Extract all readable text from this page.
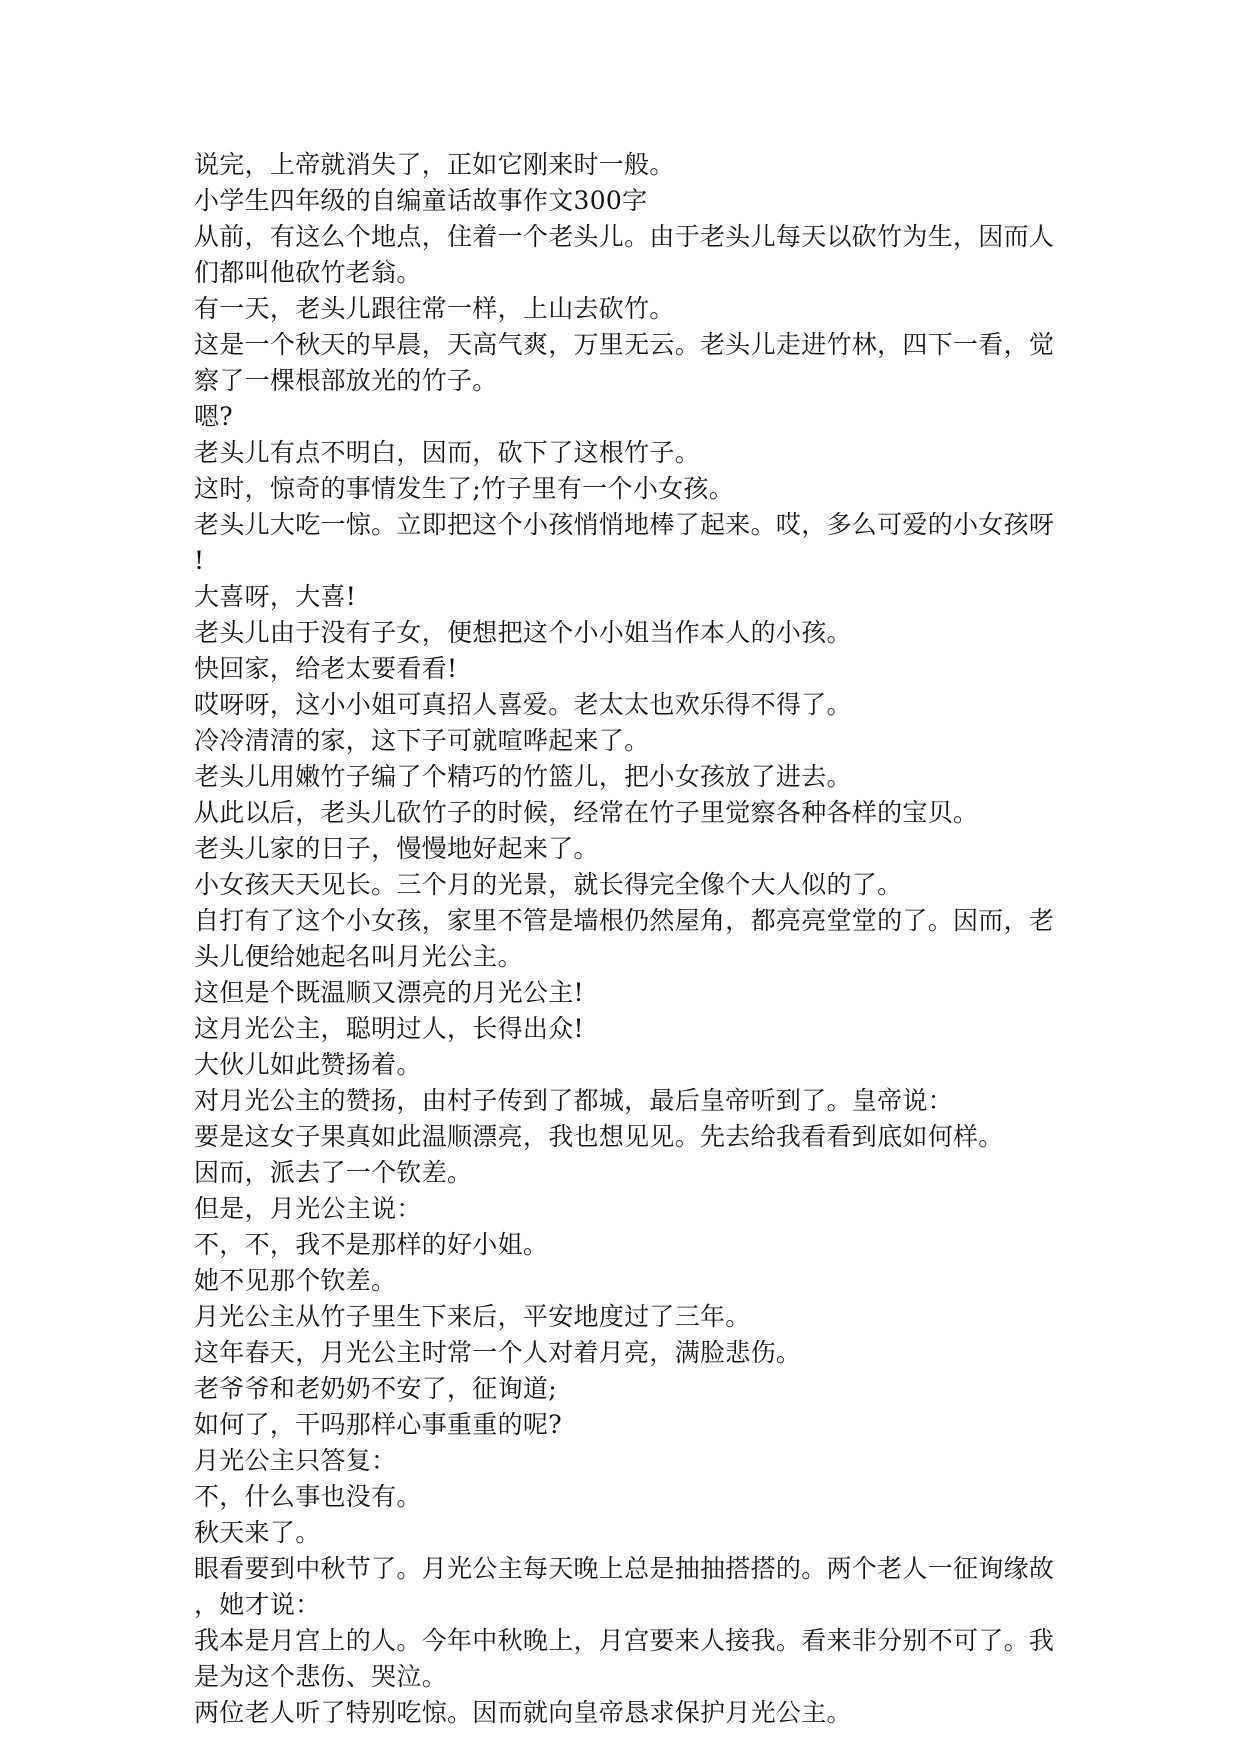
说完，上帝就消失了，正如它刚来时一般。
小学生四年级的自编童话故事作文300字
从前，有这么个地点，住着一个老头儿。由于老头儿每天以砍竹为生，因而人
们都叫他砍竹老翁。
有一天，老头儿跟往常一样，上山去砍竹。
这是一个秋天的早晨，天高气爽，万里无云。老头儿走进竹林，四下一看，觉
察了一棵根部放光的竹子。
嗯?
老头儿有点不明白，因而，砍下了这根竹子。
这时，惊奇的事情发生了;竹子里有一个小女孩。
老头儿大吃一惊。立即把这个小孩悄悄地棒了起来。哎，多么可爱的小女孩呀
!
大喜呀，大喜!
老头儿由于没有子女，便想把这个小小姐当作本人的小孩。
快回家，给老太要看看!
哎呀呀，这小小姐可真招人喜爱。老太太也欢乐得不得了。
冷冷清清的家，这下子可就喧哗起来了。
老头儿用嫩竹子编了个精巧的竹篮儿，把小女孩放了进去。
从此以后，老头儿砍竹子的时候，经常在竹子里觉察各种各样的宝贝。
老头儿家的日子，慢慢地好起来了。
小女孩天天见长。三个月的光景，就长得完全像个大人似的了。
自打有了这个小女孩，家里不管是墙根仍然屋角，都亮亮堂堂的了。因而，老
头儿便给她起名叫月光公主。
这但是个既温顺又漂亮的月光公主!
这月光公主，聪明过人，长得出众!
大伙儿如此赞扬着。
对月光公主的赞扬，由村子传到了都城，最后皇帝听到了。皇帝说：
要是这女子果真如此温顺漂亮，我也想见见。先去给我看看到底如何样。
因而，派去了一个钦差。
但是，月光公主说：
不，不，我不是那样的好小姐。
她不见那个钦差。
月光公主从竹子里生下来后，平安地度过了三年。
这年春天，月光公主时常一个人对着月亮，满脸悲伤。
老爷爷和老奶奶不安了，征询道;
如何了，干吗那样心事重重的呢?
月光公主只答复：
不，什么事也没有。
秋天来了。
眼看要到中秋节了。月光公主每天晚上总是抽抽搭搭的。两个老人一征询缘故
，她才说：
我本是月宫上的人。今年中秋晚上，月宫要来人接我。看来非分别不可了。我
是为这个悲伤、哭泣。
两位老人听了特别吃惊。因而就向皇帝恳求保护月光公主。
